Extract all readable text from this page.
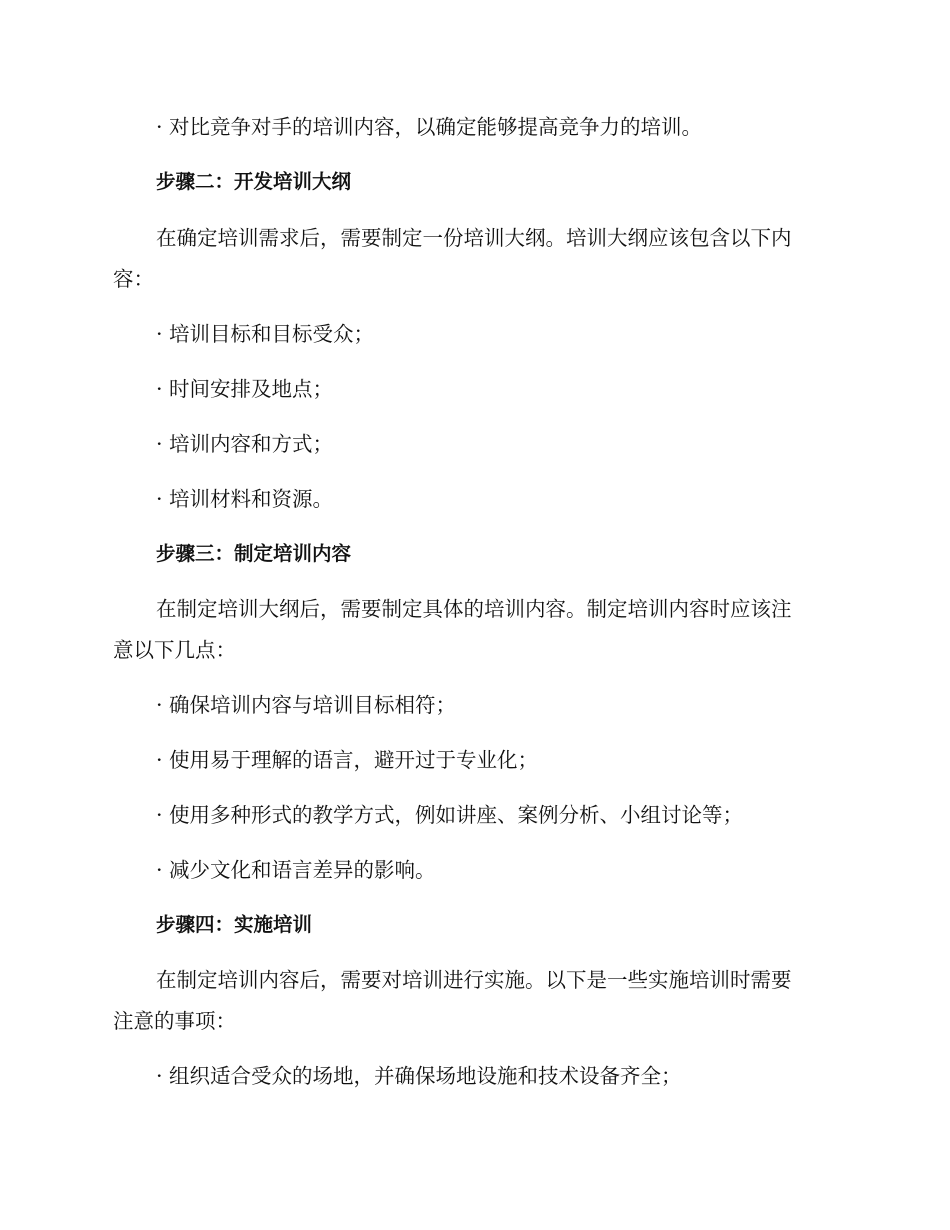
· 对比竞争对手的培训内容，以确定能够提高竞争力的培训。
步骤二：开发培训大纲
在确定培训需求后，需要制定一份培训大纲。培训大纲应该包含以下内
容：
· 培训目标和目标受众；
· 时间安排及地点；
· 培训内容和方式；
· 培训材料和资源。
步骤三：制定培训内容
在制定培训大纲后，需要制定具体的培训内容。制定培训内容时应该注
意以下几点：
· 确保培训内容与培训目标相符；
· 使用易于理解的语言，避开过于专业化；
· 使用多种形式的教学方式，例如讲座、案例分析、小组讨论等；
· 减少文化和语言差异的影响。
步骤四：实施培训
在制定培训内容后，需要对培训进行实施。以下是一些实施培训时需要
注意的事项：
· 组织适合受众的场地，并确保场地设施和技术设备齐全；
